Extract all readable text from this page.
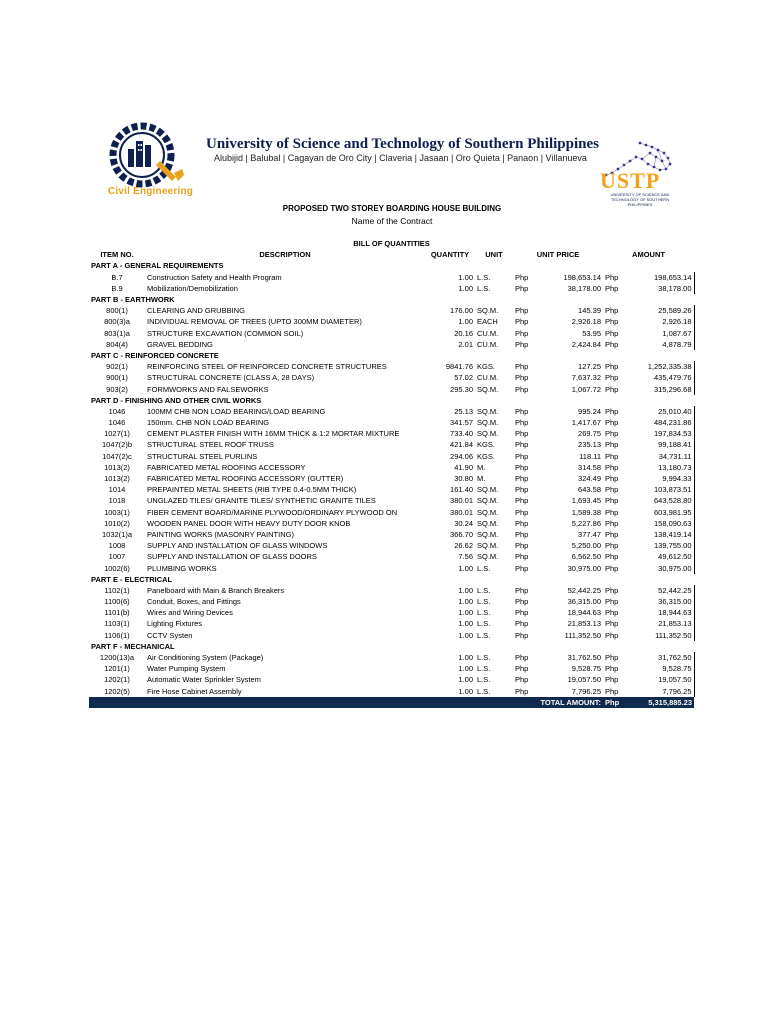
Civil Engineering
University of Science and Technology of Southern Philippines
Alubijid | Balubal | Cagayan de Oro City | Claveria | Jasaan | Oro Quieta | Panaon | Villanueva
USTP
UNIVERSITY OF SCIENCE AND TECHNOLOGY OF SOUTHERN PHILIPPINES
PROPOSED TWO STOREY BOARDING HOUSE BUILDING
Name of the Contract
BILL OF QUANTITIES							
ITEM NO.	DESCRIPTION	QUANTITY	UNIT	UNIT PRICE		AMOUNT	
PART A - GENERAL REQUIREMENTS							
B.7	Construction Safety and Health Program	1.00	L.S.	Php	198,653.14	Php	198,653.14
B.9	Mobilization/Demobilization	1.00	L.S.	Php	38,178.00	Php	38,178.00
PART B - EARTHWORK							
800(1)	CLEARING AND GRUBBING	176.00	SQ.M.	Php	145.39	Php	25,589.26
800(3)a	INDIVIDUAL REMOVAL OF TREES (UPTO 300MM DIAMETER)	1.00	EACH	Php	2,926.18	Php	2,926.18
803(1)a	STRUCTURE EXCAVATION (COMMON SOIL)	20.16	CU.M.	Php	53.95	Php	1,087.67
804(4)	GRAVEL BEDDING	2.01	CU.M.	Php	2,424.84	Php	4,878.79
PART C - REINFORCED CONCRETE							
902(1)	REINFORCING STEEL OF REINFORCED CONCRETE STRUCTURES	9841.76	KGS.	Php	127.25	Php	1,252,335.38
900(1)	STRUCTURAL CONCRETE (CLASS A, 28 DAYS)	57.02	CU.M.	Php	7,637.32	Php	435,479.76
903(2)	FORMWORKS AND FALSEWORKS	295.30	SQ.M.	Php	1,067.72	Php	315,296.68
PART D - FINISHING AND OTHER CIVIL WORKS							
1046	100MM CHB NON LOAD BEARING/LOAD BEARING	25.13	SQ.M.	Php	995.24	Php	25,010.40
1046	150mm. CHB NON LOAD BEARING	341.57	SQ.M.	Php	1,417.67	Php	484,231.86
1027(1)	CEMENT PLASTER FINISH WITH 16MM THICK & 1:2 MORTAR MIXTURE	733.40	SQ.M.	Php	269.75	Php	197,834.53
1047(2)b	STRUCTURAL STEEL ROOF TRUSS	421.84	KGS.	Php	235.13	Php	99,188.41
1047(2)c	STRUCTURAL STEEL PURLINS	294.06	KGS.	Php	118.11	Php	34,731.11
1013(2)	FABRICATED METAL ROOFING ACCESSORY	41.90	M.	Php	314.58	Php	13,180.73
1013(2)	FABRICATED METAL ROOFING ACCESSORY (GUTTER)	30.80	M.	Php	324.49	Php	9,994.33
1014	PREPAINTED METAL SHEETS (RIB TYPE 0.4-0.5MM THICK)	161.40	SQ.M.	Php	643.58	Php	103,873.51
1018	UNGLAZED TILES/ GRANITE TILES/ SYNTHETIC GRANITE TILES	380.01	SQ.M.	Php	1,693.45	Php	643,528.80
1003(1)	FIBER CEMENT BOARD/MARINE PLYWOOD/ORDINARY PLYWOOD ON	380.01	SQ.M.	Php	1,589.38	Php	603,981.95
1010(2)	WOODEN PANEL DOOR WITH HEAVY DUTY DOOR KNOB	30.24	SQ.M.	Php	5,227.86	Php	158,090.63
1032(1)a	PAINTING WORKS (MASONRY PAINTING)	366.70	SQ.M.	Php	377.47	Php	138,419.14
1008	SUPPLY AND INSTALLATION OF GLASS WINDOWS	26.62	SQ.M.	Php	5,250.00	Php	139,755.00
1007	SUPPLY AND INSTALLATION OF GLASS DOORS	7.56	SQ.M.	Php	6,562.50	Php	49,612.50
1002(6)	PLUMBING WORKS	1.00	L.S.	Php	30,975.00	Php	30,975.00
PART E - ELECTRICAL							
1102(1)	Panelboard with Main & Branch Breakers	1.00	L.S.	Php	52,442.25	Php	52,442.25
1100(6)	Conduit, Boxes, and Fittings	1.00	L.S.	Php	36,315.00	Php	36,315.00
1101(b)	Wires and Wiring Devices	1.00	L.S.	Php	18,944.63	Php	18,944.63
1103(1)	Lighting Fixtures	1.00	L.S.	Php	21,853.13	Php	21,853.13
1106(1)	CCTV Systen	1.00	L.S.	Php	111,352.50	Php	111,352.50
PART F - MECHANICAL							
1200(13)a	Air Conditioning System (Package)	1.00	L.S.	Php	31,762.50	Php	31,762.50
1201(1)	Water Pumping System	1.00	L.S.	Php	9,528.75	Php	9,528.75
1202(1)	Automatic Water Sprinkler System	1.00	L.S.	Php	19,057.50	Php	19,057.50
1202(5)	Fire Hose Cabinet Assembly	1.00	L.S.	Php	7,796.25	Php	7,796.25
TOTAL AMOUNT:						Php	5,315,885.23
